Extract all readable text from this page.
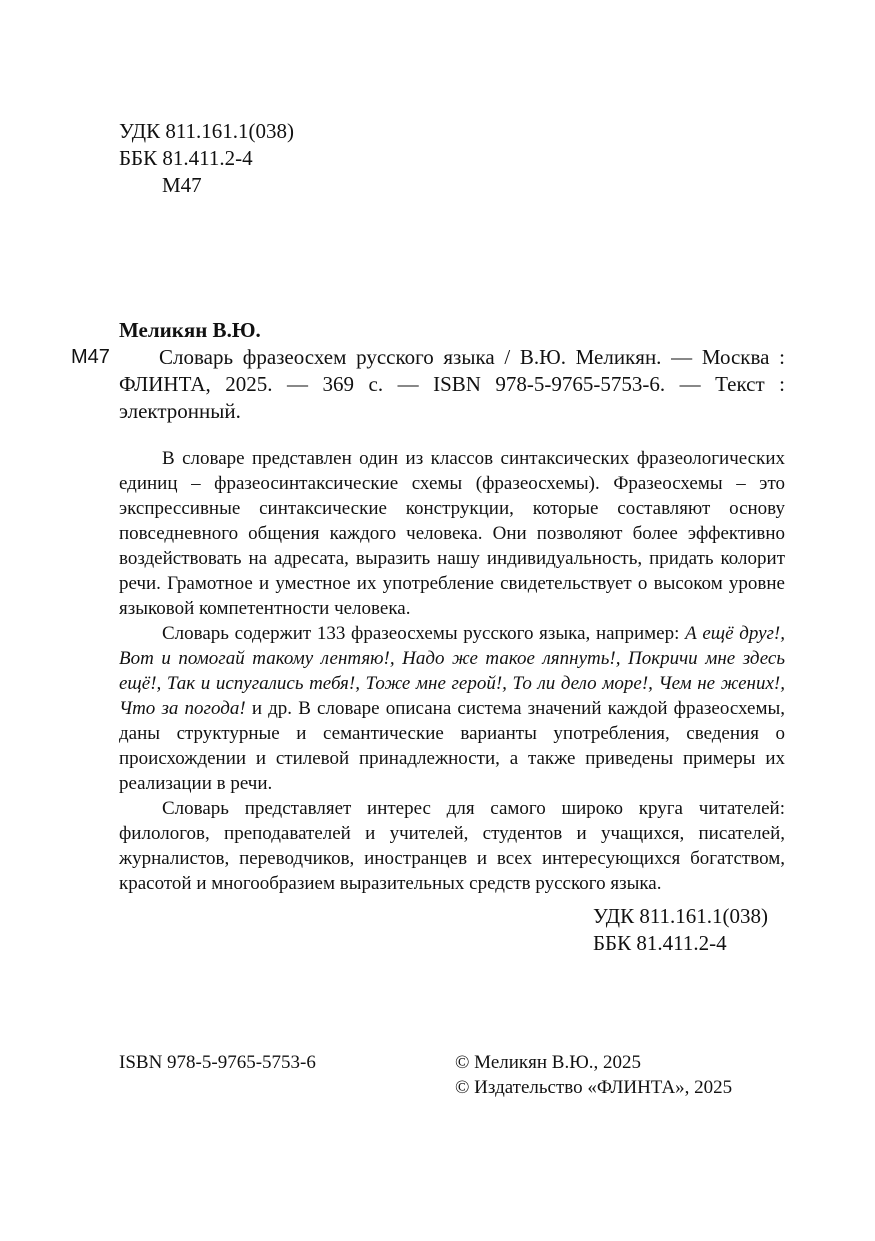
УДК 811.161.1(038)
ББК 81.411.2-4
М47
Меликян В.Ю.
М47	Словарь фразеосхем русского языка / В.Ю. Меликян. — Москва : ФЛИНТА, 2025. — 369 с. — ISBN 978-5-9765-5753-6. — Текст : электронный.

В словаре представлен один из классов синтаксических фразеологических единиц – фразеосинтаксические схемы (фразеосхемы). Фразеосхемы – это экспрессивные синтаксические конструкции, которые составляют основу повседневного общения каждого человека. Они позволяют более эффективно воздействовать на адресата, выразить нашу индивидуальность, придать колорит речи. Грамотное и уместное их употребление свидетельствует о высоком уровне языковой компетентности человека.

Словарь содержит 133 фразеосхемы русского языка, например: А ещё друг!, Вот и помогай такому лентяю!, Надо же такое ляпнуть!, Покричи мне здесь ещё!, Так и испугались тебя!, Тоже мне герой!, То ли дело море!, Чем не жених!, Что за погода! и др. В словаре описана система значений каждой фразеосхемы, даны структурные и семантические варианты употребления, сведения о происхождении и стилевой принадлежности, а также приведены примеры их реализации в речи.

Словарь представляет интерес для самого широко круга читателей: филологов, преподавателей и учителей, студентов и учащихся, писателей, журналистов, переводчиков, иностранцев и всех интересующихся богатством, красотой и многообразием выразительных средств русского языка.

УДК 811.161.1(038)
ББК 81.411.2-4
ISBN 978-5-9765-5753-6	© Меликян В.Ю., 2025
© Издательство «ФЛИНТА», 2025
